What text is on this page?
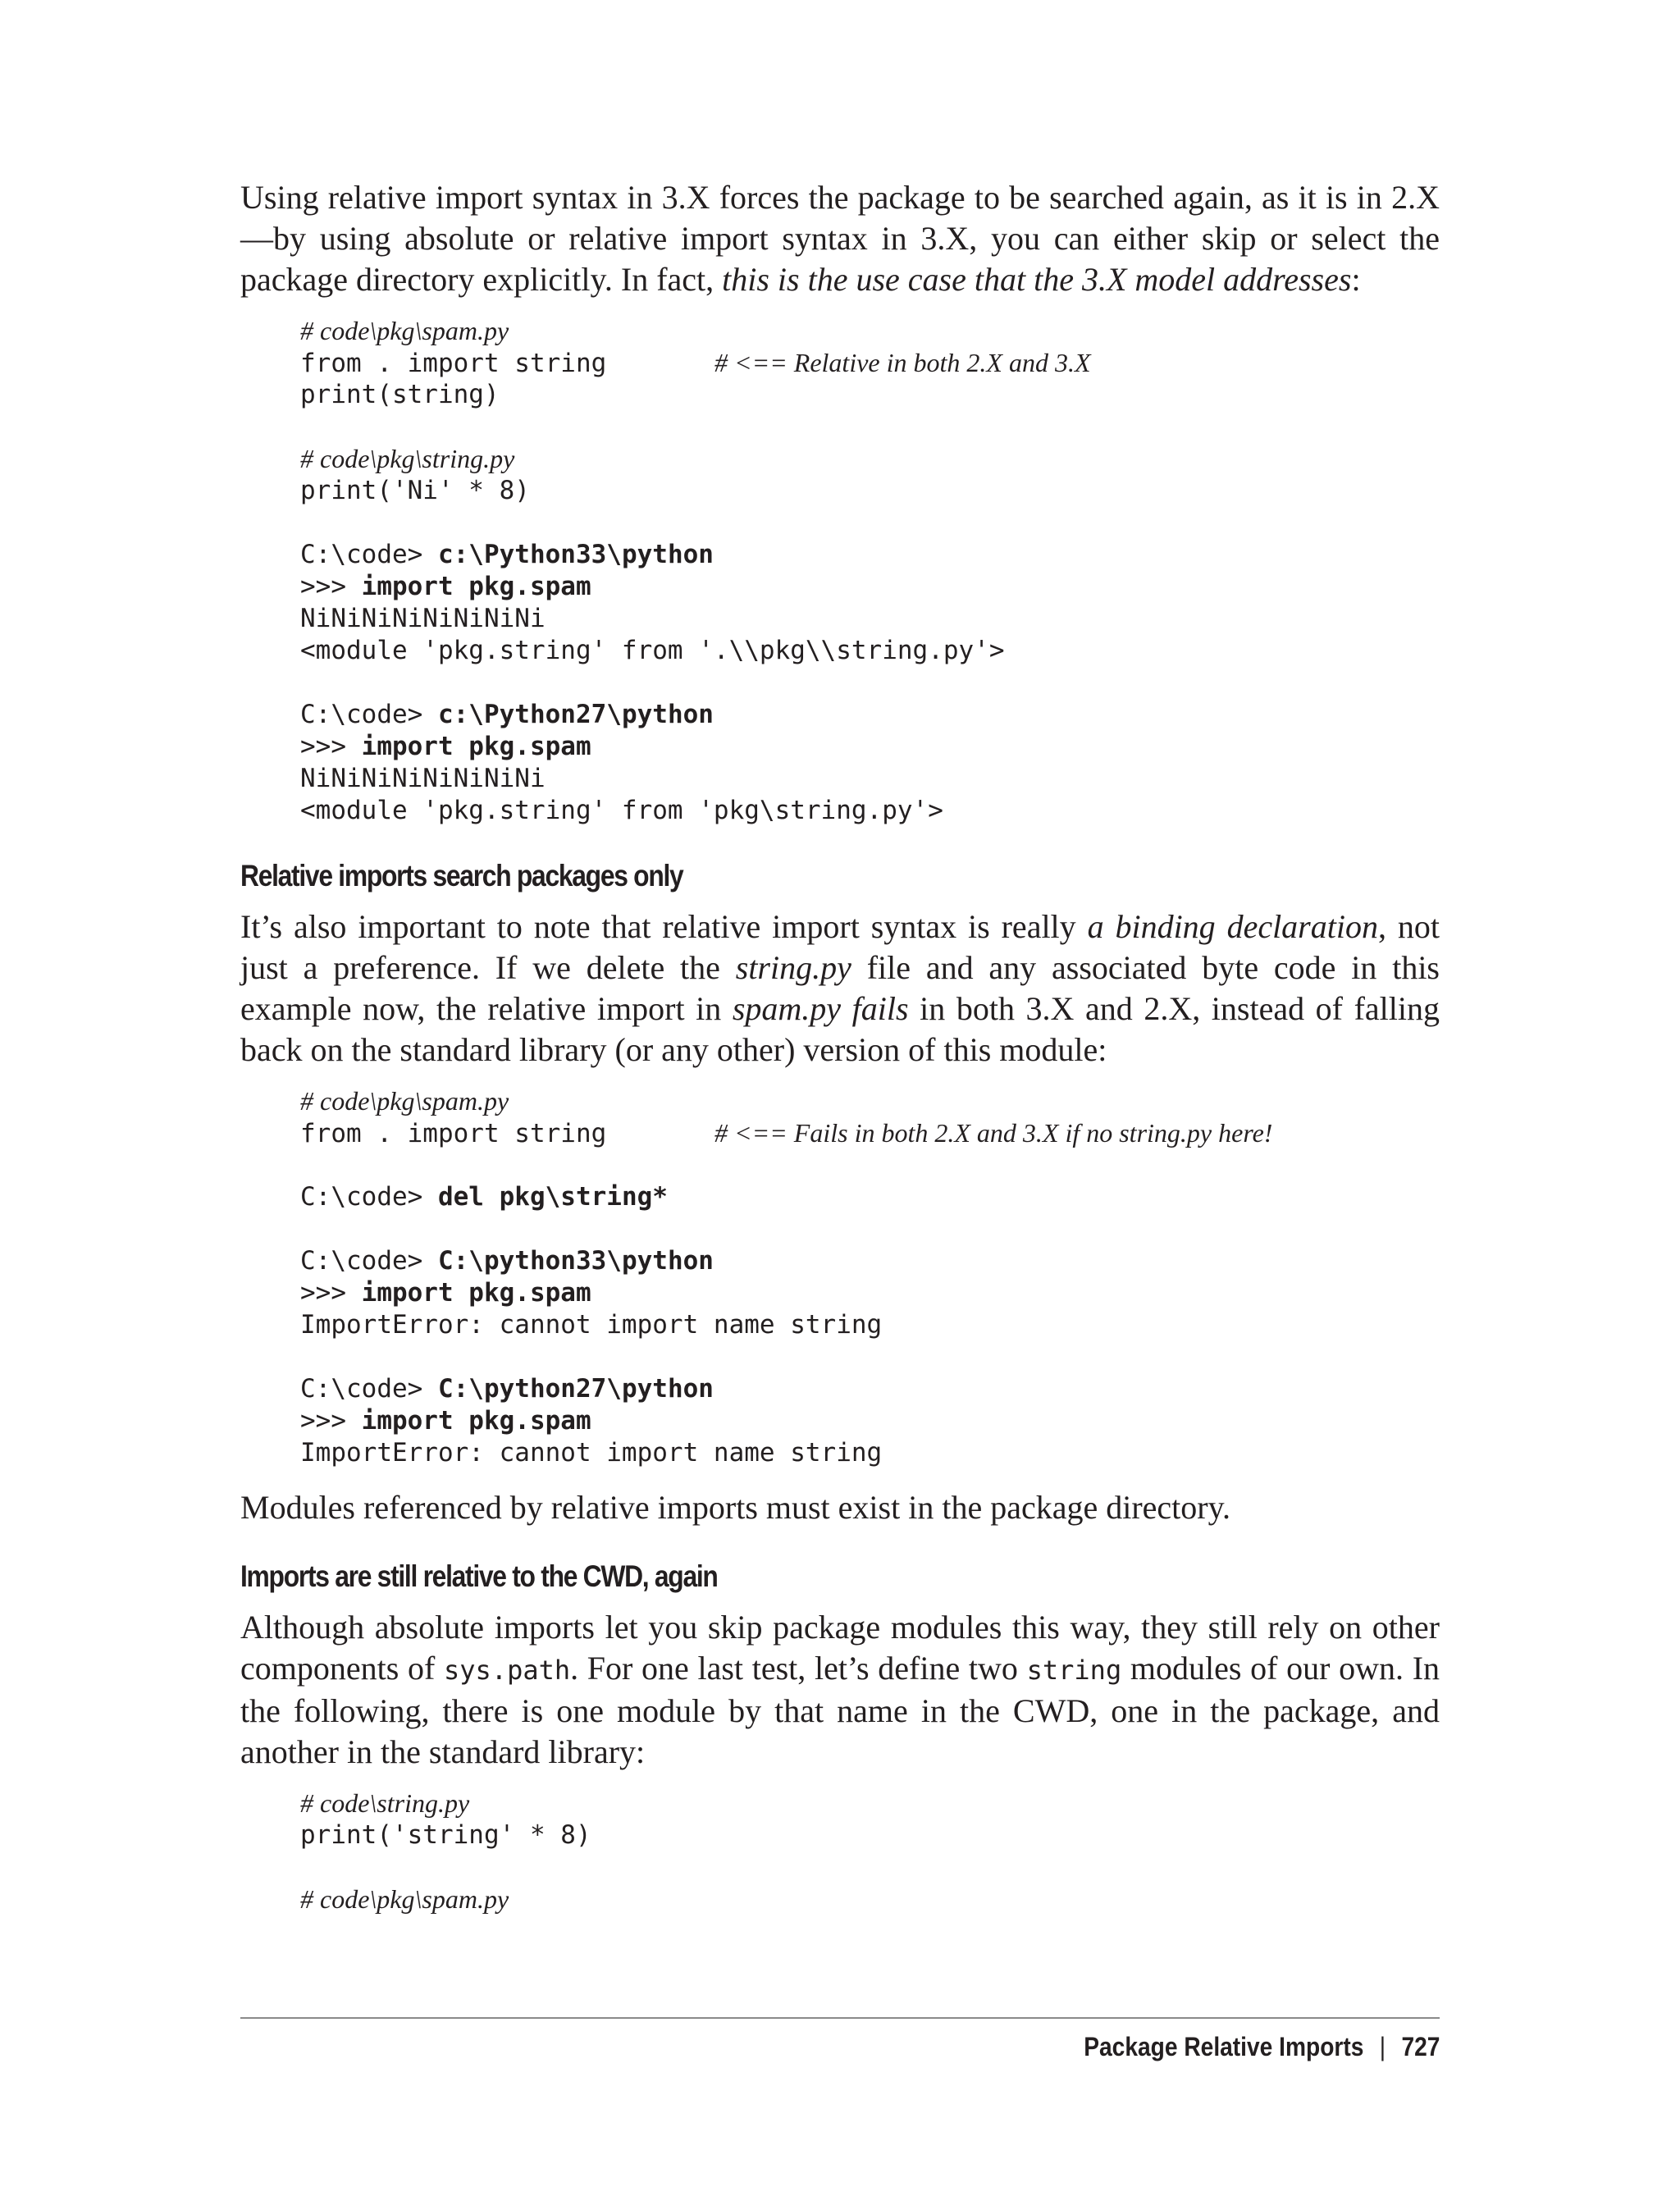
Using relative import syntax in 3.X forces the package to be searched again, as it is in 2.X—by using absolute or relative import syntax in 3.X, you can either skip or select the package directory explicitly. In fact, this is the use case that the 3.X model addresses:

# code\pkg\spam.py
from . import string	# <== Relative in both 2.X and 3.X
print(string)
# code\pkg\string.py
print('Ni' * 8)
C:\code> c:\Python33\python
>>> import pkg.spam
NiNiNiNiNiNiNiNi
<module 'pkg.string' from '.\\pkg\\string.py'>
C:\code> c:\Python27\python
>>> import pkg.spam
NiNiNiNiNiNiNiNi
<module 'pkg.string' from 'pkg\string.py'>
Relative imports search packages only

It’s also important to note that relative import syntax is really a binding declaration, not just a preference. If we delete the string.py file and any associated byte code in this example now, the relative import in spam.py fails in both 3.X and 2.X, instead of falling back on the standard library (or any other) version of this module:

# code\pkg\spam.py
from . import string	# <== Fails in both 2.X and 3.X if no string.py here!
C:\code> del pkg\string*
C:\code> C:\python33\python
>>> import pkg.spam
ImportError: cannot import name string
C:\code> C:\python27\python
>>> import pkg.spam
ImportError: cannot import name string

Modules referenced by relative imports must exist in the package directory.

Imports are still relative to the CWD, again

Although absolute imports let you skip package modules this way, they still rely on other components of sys.path. For one last test, let’s define two string modules of our own. In the following, there is one module by that name in the CWD, one in the package, and another in the standard library:

# code\string.py
print('string' * 8)
# code\pkg\spam.py
Package Relative Imports | 727
